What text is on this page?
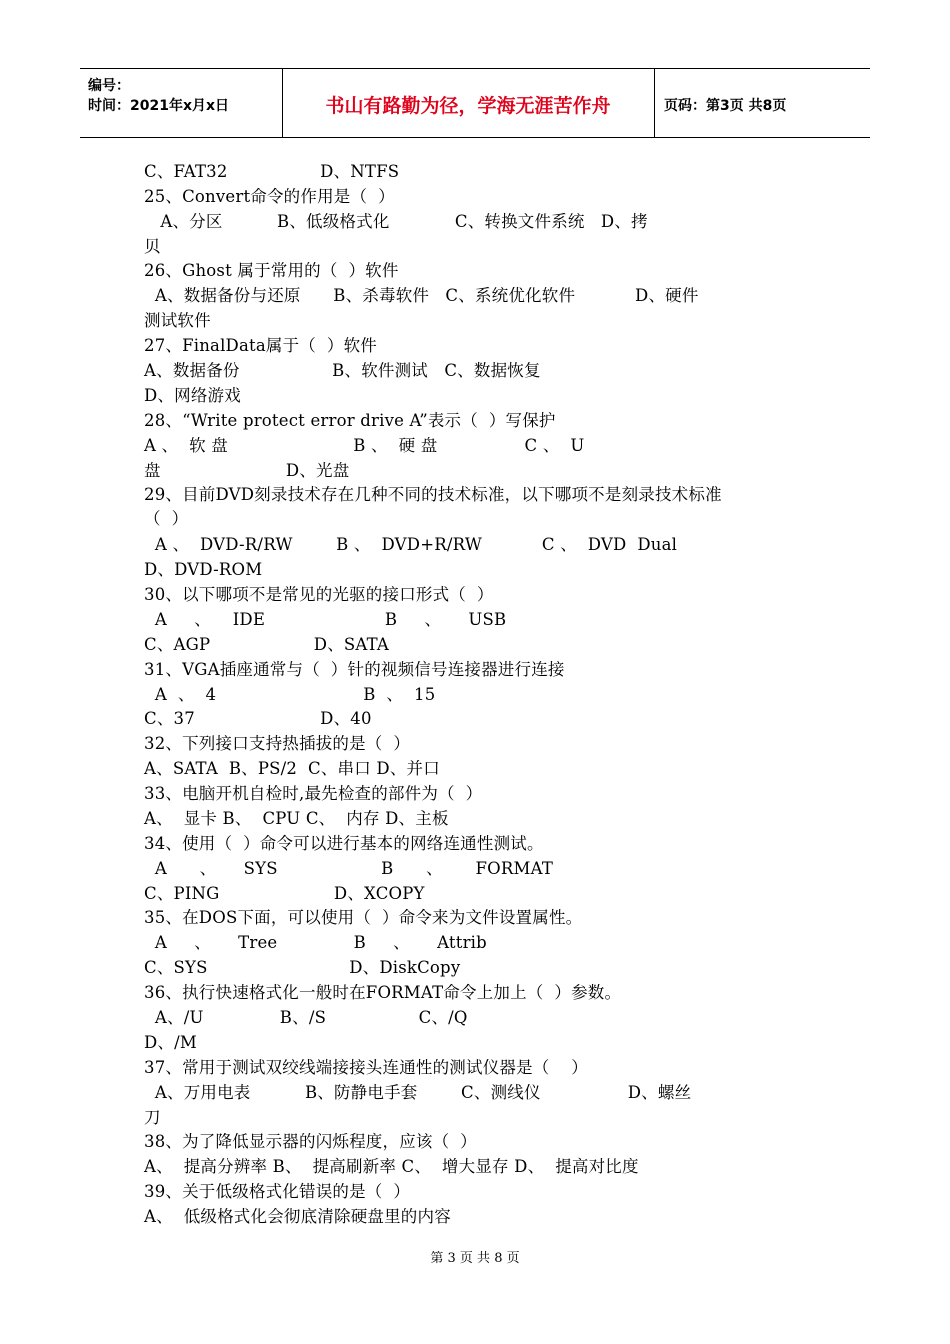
编号：
时间：2021年x月x日	书山有路勤为径，学海无涯苦作舟	页码：第3页 共8页
C、FAT32                 D、NTFS
25、Convert命令的作用是（  ）
A、分区          B、低级格式化            C、转换文件系统   D、拷
贝
26、Ghost 属于常用的（  ）软件
A、数据备份与还原      B、杀毒软件   C、系统优化软件           D、硬件
测试软件
27、FinalData属于（  ）软件
A、数据备份                 B、软件测试   C、数据恢复
D、网络游戏
28、“Write protect error drive A”表示（  ）写保护
A 、  软 盘                       B 、  硬 盘                C 、  U
盘                       D、光盘
29、目前DVD刻录技术存在几种不同的技术标准，以下哪项不是刻录技术标准
（  ）
A 、  DVD-R/RW        B 、  DVD+R/RW           C 、  DVD  Dual
D、DVD-ROM
30、以下哪项不是常见的光驱的接口形式（  ）
A     、    IDE                      B     、     USB
C、AGP                   D、SATA
31、VGA插座通常与（  ）针的视频信号连接器进行连接
A  、  4                           B  、  15
C、37                       D、40
32、下列接口支持热插拔的是（  ）
A、SATA  B、PS/2  C、串口 D、并口
33、电脑开机自检时,最先检查的部件为（  ）
A、  显卡 B、  CPU C、  内存 D、主板
34、使用（  ）命令可以进行基本的网络连通性测试。
A      、     SYS                   B      、      FORMAT
C、PING                     D、XCOPY
35、在DOS下面，可以使用（  ）命令来为文件设置属性。
A     、     Tree              B     、     Attrib
C、SYS                          D、DiskCopy
36、执行快速格式化一般时在FORMAT命令上加上（  ）参数。
A、/U              B、/S                 C、/Q
D、/M
37、常用于测试双绞线端接接头连通性的测试仪器是（    ）
A、万用电表          B、防静电手套        C、测线仪                D、螺丝
刀
38、为了降低显示器的闪烁程度，应该（  ）
A、  提高分辨率 B、  提高刷新率 C、  增大显存 D、  提高对比度
39、关于低级格式化错误的是（  ）
A、  低级格式化会彻底清除硬盘里的内容
第 3 页 共 8 页
